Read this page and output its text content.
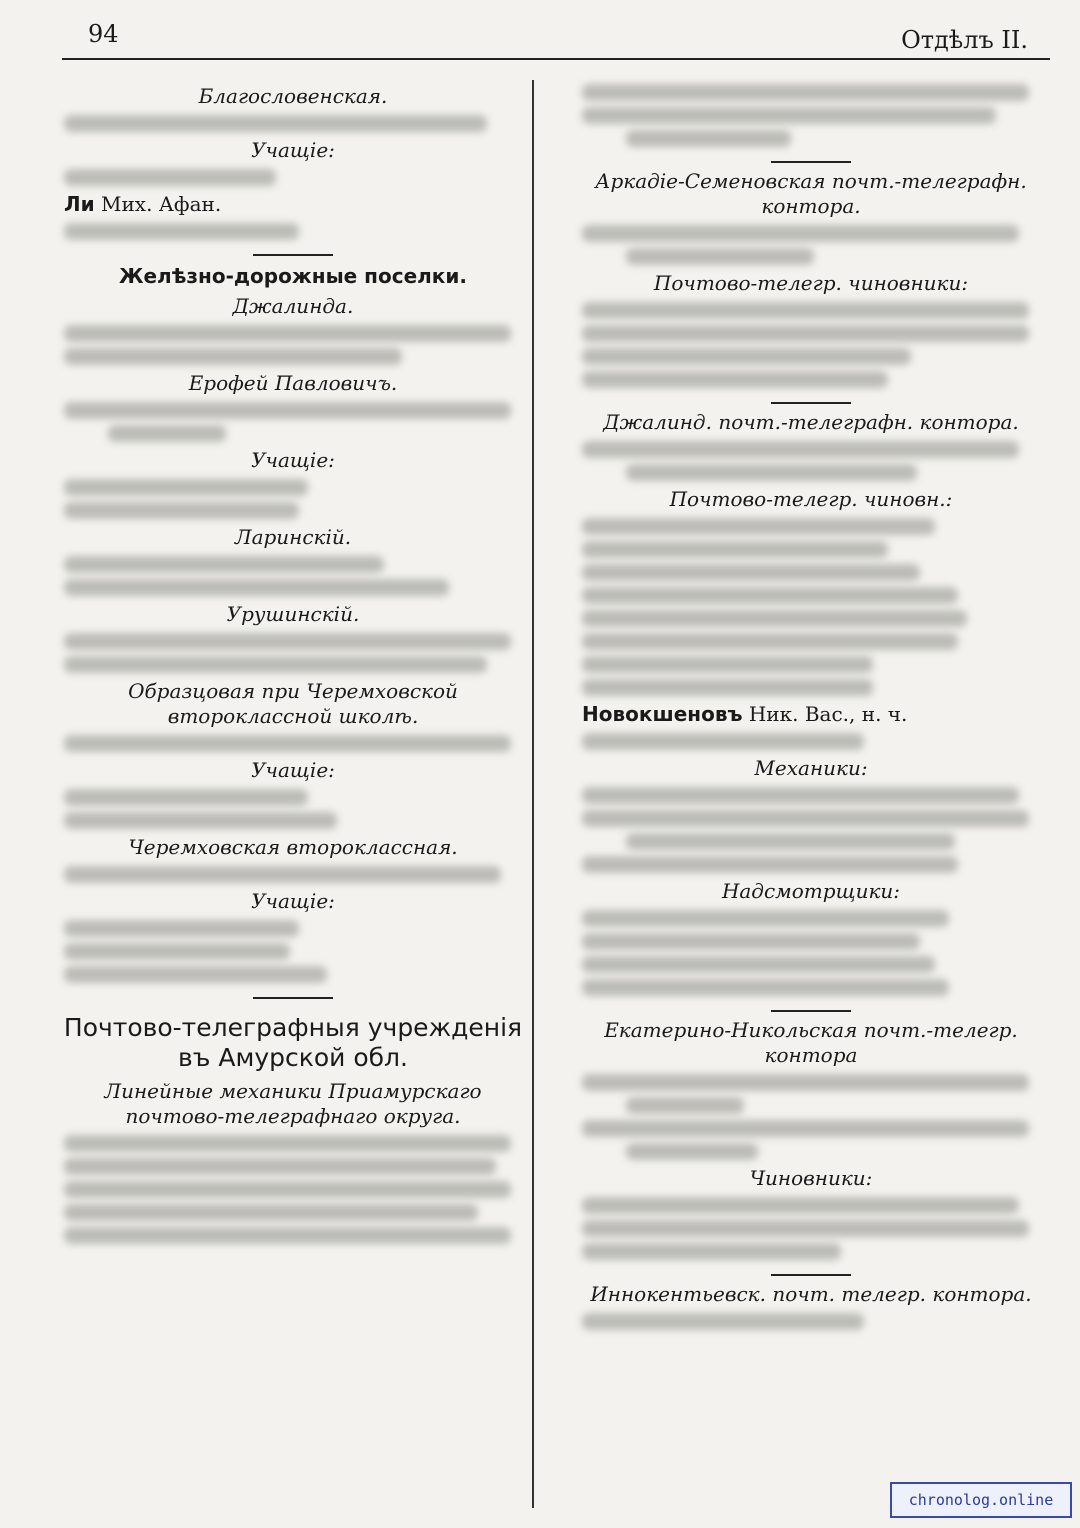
94	Отдѣлъ II.
Благословенская.
Учащіе:
Ли Мих. Афан.
Желѣзно-дорожные поселки.
Джалинда.
Ерофей Павловичъ.
Учащіе:
Ларинскій.
Урушинскій.
Образцовая при Черемховской второклассной школѣ.
Учащіе:
Черемховская второклассная.
Учащіе:
Почтово-телеграфныя учрежденія въ Амурской обл.
Линейные механики Приамурскаго почтово-телеграфнаго округа.
Аркадіе-Семеновская почт.-телеграфн. контора.
Почтово-телегр. чиновники:
Джалинд. почт.-телеграфн. контора.
Почтово-телегр. чиновн.:
Новокшеновъ Ник. Вас., н. ч.
Механики:
Надсмотрщики:
Екатерино-Никольская почт.-телегр. контора
Чиновники:
Иннокентьевск. почт. телегр. контора.
chronolog.online
